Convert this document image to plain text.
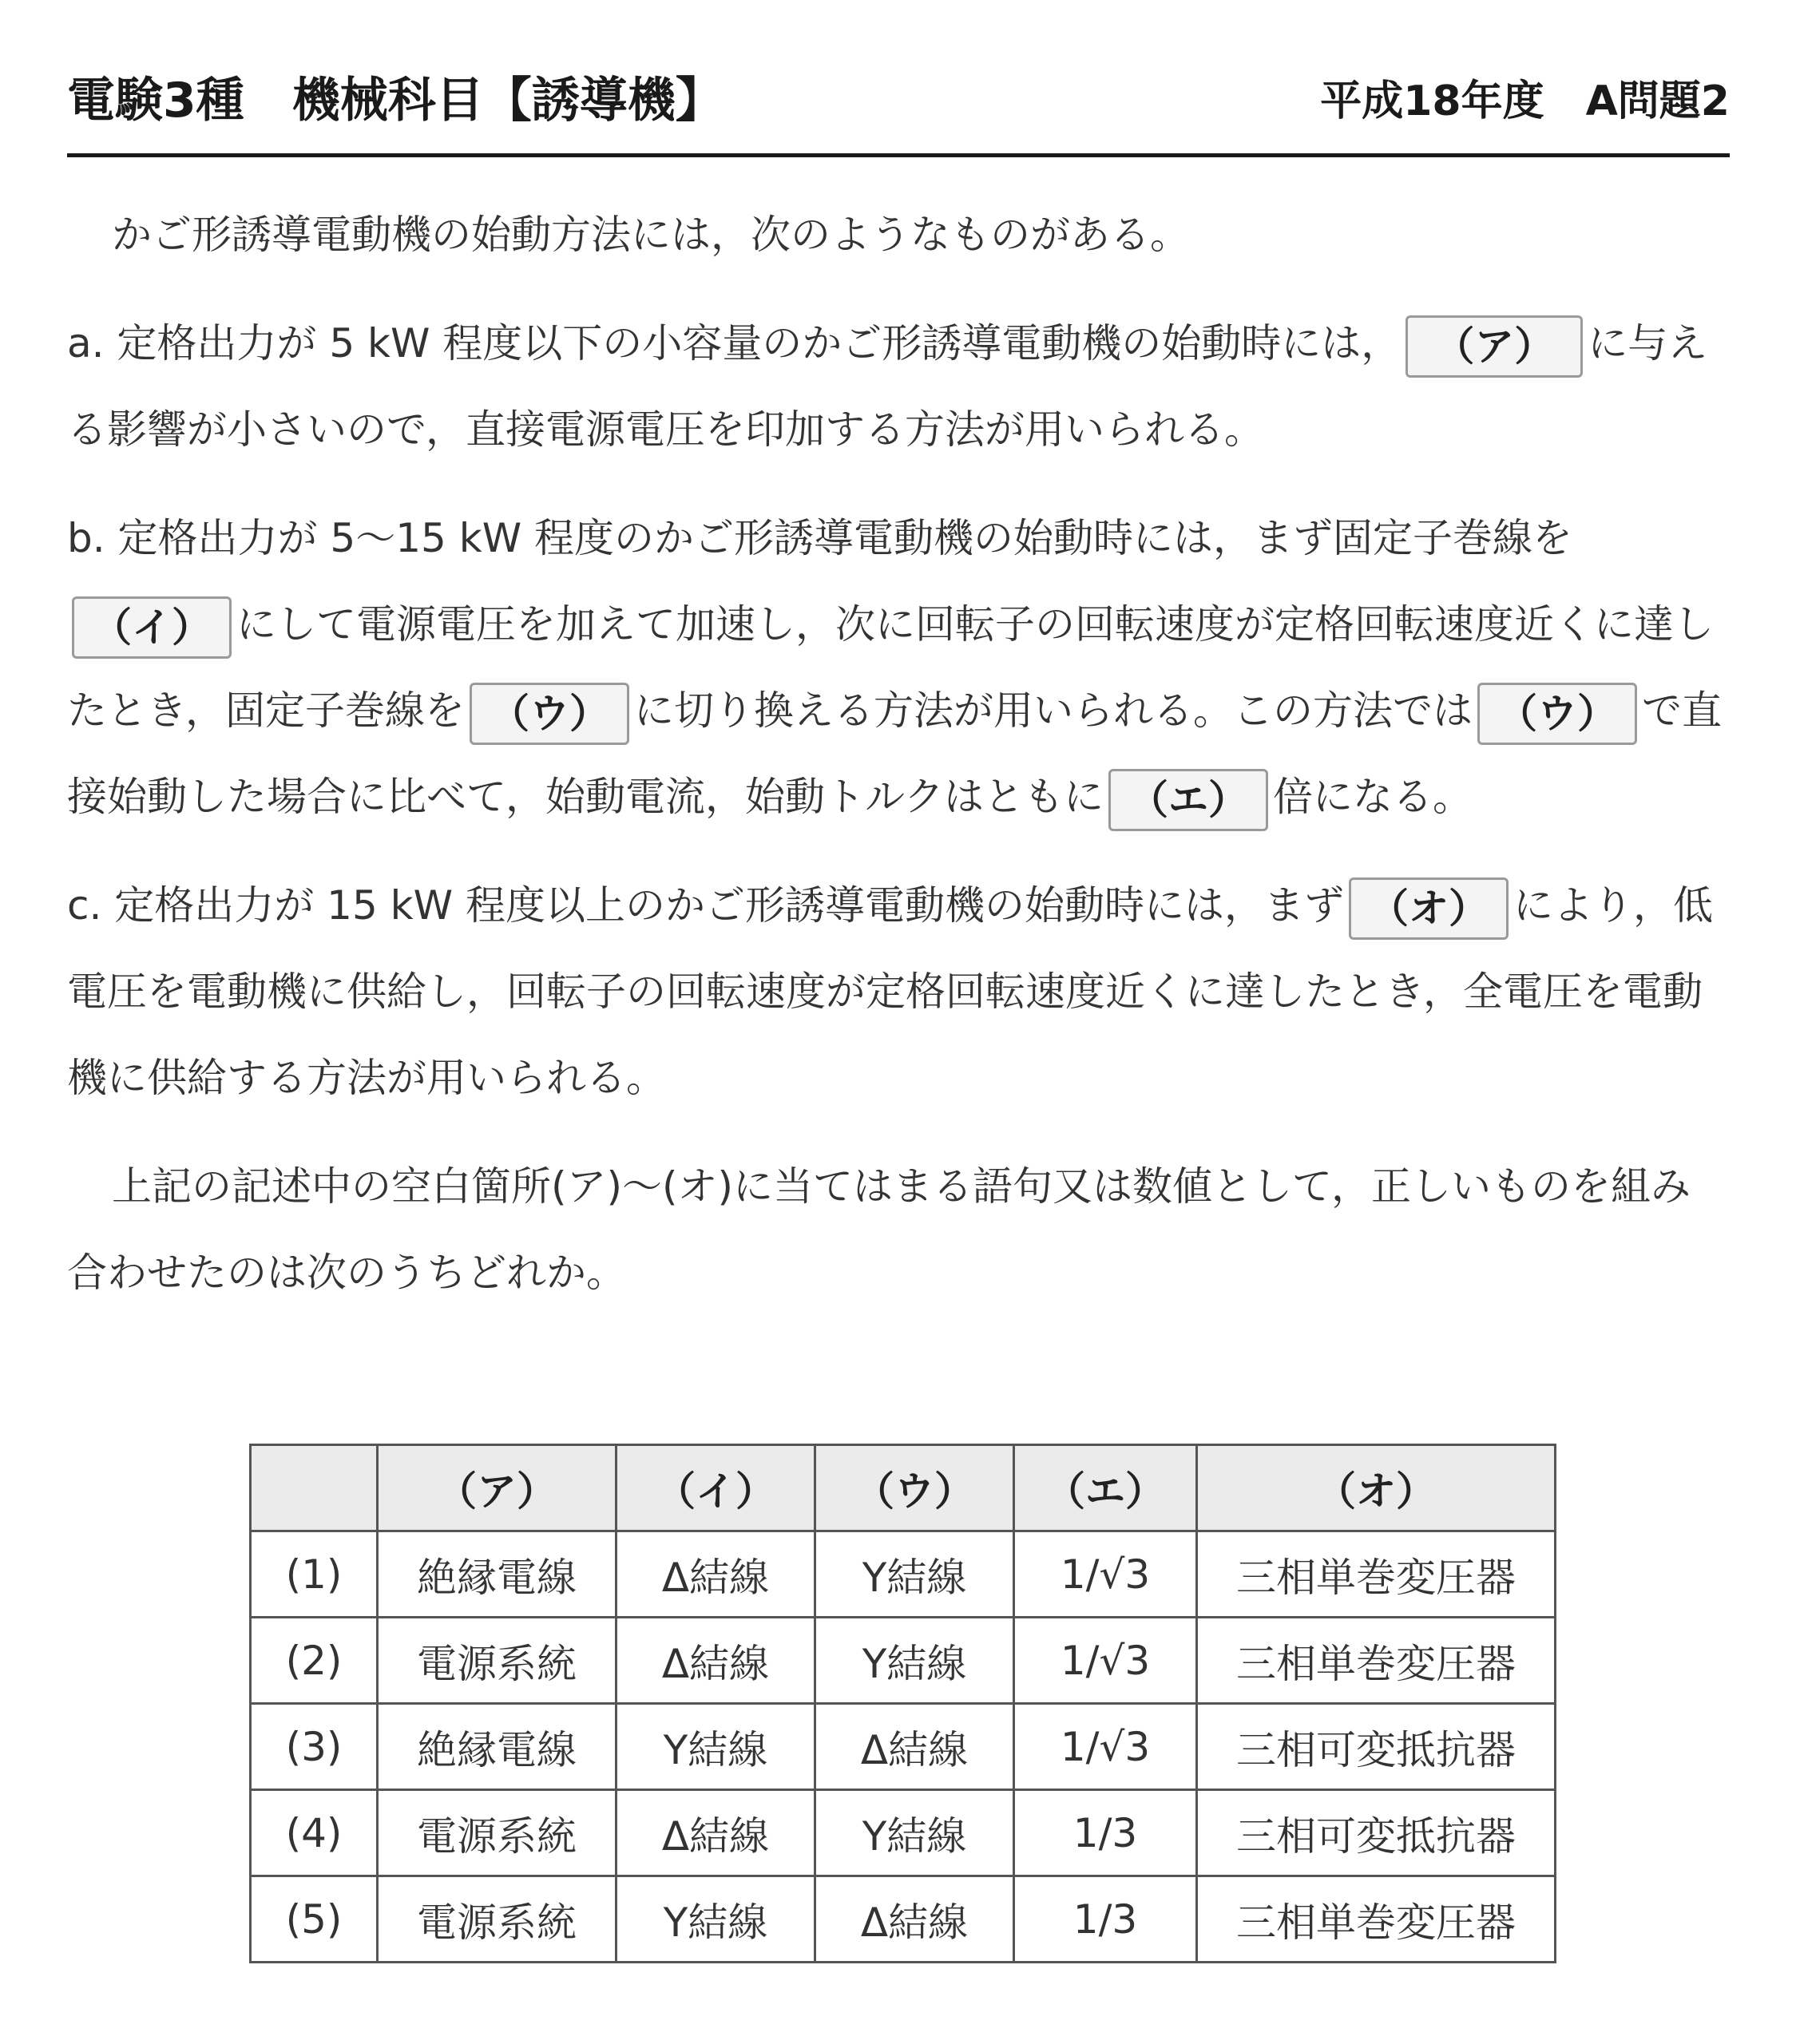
電験3種　機械科目【誘導機】	平成18年度　A問題2

かご形誘導電動機の始動方法には，次のようなものがある。

a. 定格出力が 5 kW 程度以下の小容量のかご形誘導電動機の始動時には， （ア） に与える影響が小さいので，直接電源電圧を印加する方法が用いられる。

b. 定格出力が 5～15 kW 程度のかご形誘導電動機の始動時には，まず固定子巻線を（イ） にして電源電圧を加えて加速し，次に回転子の回転速度が定格回転速度近くに達したとき，固定子巻線を （ウ） に切り換える方法が用いられる。この方法では （ウ） で直接始動した場合に比べて，始動電流，始動トルクはともに （エ） 倍になる。

c. 定格出力が 15 kW 程度以上のかご形誘導電動機の始動時には，まず （オ） により，低電圧を電動機に供給し，回転子の回転速度が定格回転速度近くに達したとき，全電圧を電動機に供給する方法が用いられる。

上記の記述中の空白箇所(ア)～(オ)に当てはまる語句又は数値として，正しいものを組み合わせたのは次のうちどれか。

	（ア）	（イ）	（ウ）	（エ）	（オ）
(1)	絶縁電線	Δ結線	Y結線	1/√3	三相単巻変圧器
(2)	電源系統	Δ結線	Y結線	1/√3	三相単巻変圧器
(3)	絶縁電線	Y結線	Δ結線	1/√3	三相可変抵抗器
(4)	電源系統	Δ結線	Y結線	1/3	三相可変抵抗器
(5)	電源系統	Y結線	Δ結線	1/3	三相単巻変圧器
